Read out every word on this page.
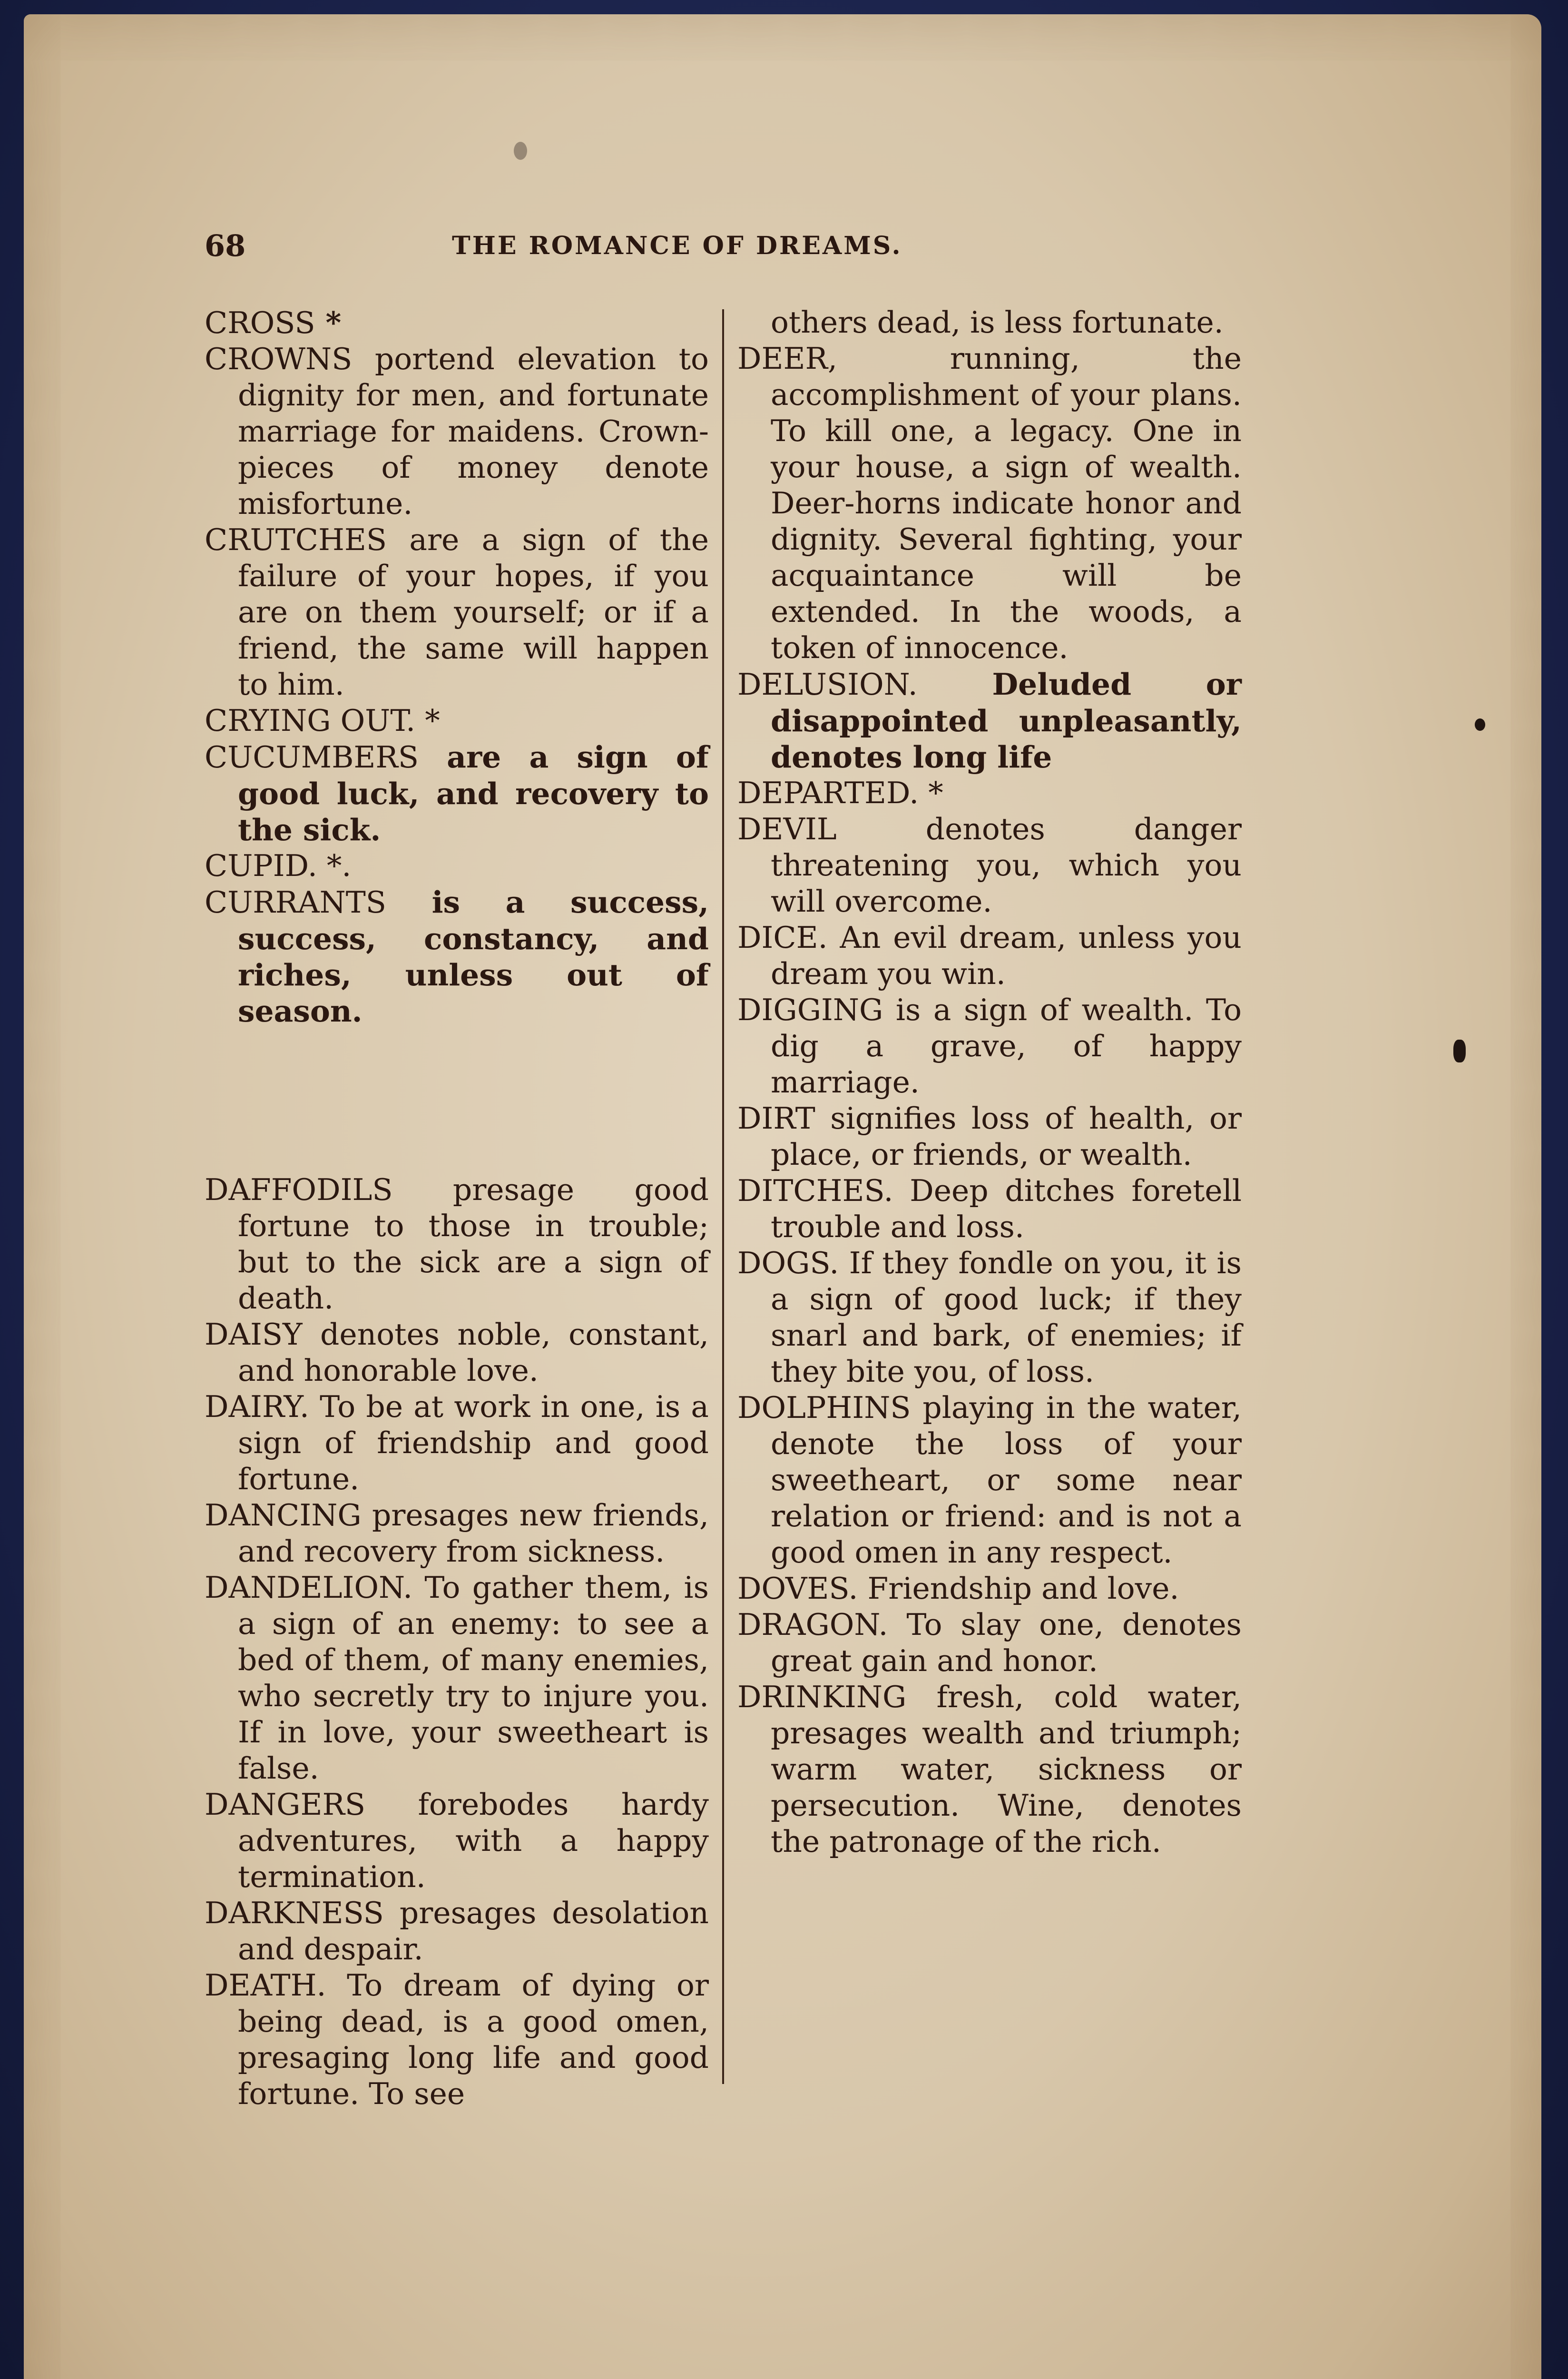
68	THE ROMANCE OF DREAMS.

CROSS *

CROWNS portend elevation to dignity for men, and fortunate marriage for maidens. Crown-pieces of money denote misfortune.

CRUTCHES are a sign of the failure of your hopes, if you are on them yourself; or if a friend, the same will happen to him.

CRYING OUT. *

CUCUMBERS are a sign of good luck, and recovery to the sick.

CUPID. *.

CURRANTS is a success, success, constancy, and riches, unless out of season.

DAFFODILS presage good fortune to those in trouble; but to the sick are a sign of death.

DAISY denotes noble, constant, and honorable love.

DAIRY. To be at work in one, is a sign of friendship and good fortune.

DANCING presages new friends, and recovery from sickness.

DANDELION. To gather them, is a sign of an enemy: to see a bed of them, of many enemies, who secretly try to injure you. If in love, your sweetheart is false.

DANGERS forebodes hardy adventures, with a happy termination.

DARKNESS presages desolation and despair.

DEATH. To dream of dying or being dead, is a good omen, presaging long life and good fortune. To see

others dead, is less fortunate.

DEER, running, the accomplishment of your plans. To kill one, a legacy. One in your house, a sign of wealth. Deer-horns indicate honor and dignity. Several fighting, your acquaintance will be extended. In the woods, a token of innocence.

DELUSION. Deluded or disappointed unpleasantly, denotes long life

DEPARTED. *

DEVIL denotes danger threatening you, which you will overcome.

DICE. An evil dream, unless you dream you win.

DIGGING is a sign of wealth. To dig a grave, of happy marriage.

DIRT signifies loss of health, or place, or friends, or wealth.

DITCHES. Deep ditches foretell trouble and loss.

DOGS. If they fondle on you, it is a sign of good luck; if they snarl and bark, of enemies; if they bite you, of loss.

DOLPHINS playing in the water, denote the loss of your sweetheart, or some near relation or friend: and is not a good omen in any respect.

DOVES. Friendship and love.

DRAGON. To slay one, denotes great gain and honor.

DRINKING fresh, cold water, presages wealth and triumph; warm water, sickness or persecution. Wine, denotes the patronage of the rich.
